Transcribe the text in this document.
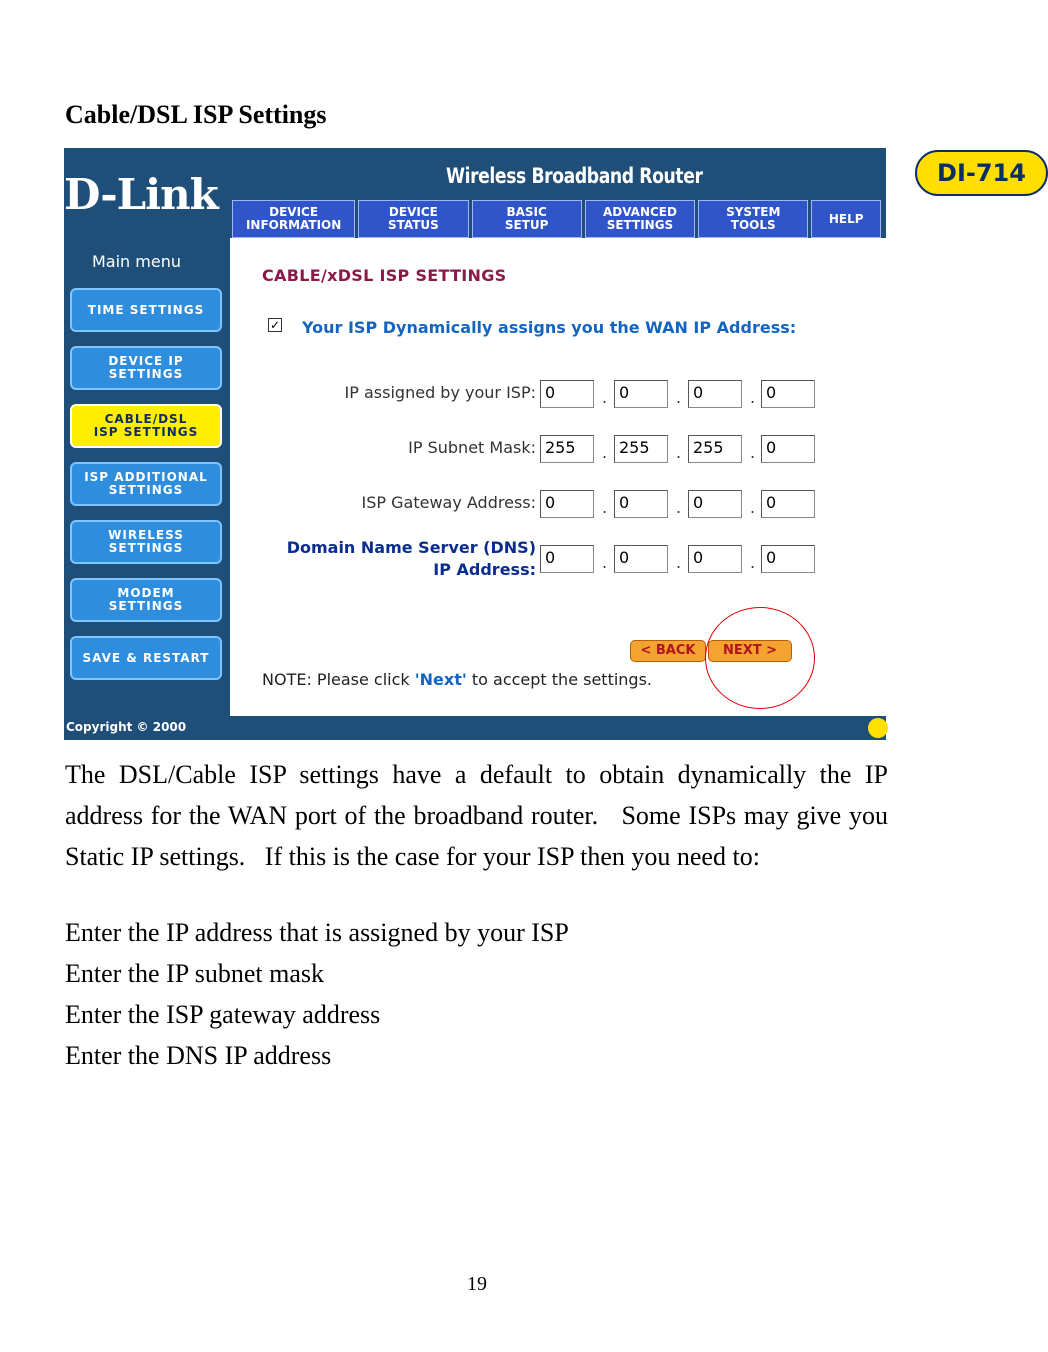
Cable/DSL ISP Settings
D-Link	Wireless Broadband Router	DI-714
DEVICE
INFORMATION
DEVICE
STATUS
BASIC
SETUP
ADVANCED
SETTINGS
SYSTEM
TOOLS	HELP
Main menu
TIME SETTINGS
DEVICE IP
SETTINGS
CABLE/DSL
ISP SETTINGS
ISP ADDITIONAL
SETTINGS
WIRELESS
SETTINGS
MODEM
SETTINGS
SAVE & RESTART
CABLE/xDSL ISP SETTINGS
✓ Your ISP Dynamically assigns you the WAN IP Address:
< BACK	NEXT >
NOTE: Please click 'Next' to accept the settings.
IP assigned by your ISP: 0	. 0	. 0	. 0
IP Subnet Mask: 255	. 255	. 255	. 0
ISP Gateway Address: 0	. 0	. 0	. 0
Domain Name Server (DNS)
IP Address:
0	. 0	. 0	. 0
Copyright © 2000
The DSL/Cable ISP settings have a default to obtain dynamically the IP address for the WAN port of the broadband router.   Some ISPs may give you Static IP settings.   If this is the case for your ISP then you need to:
Enter the IP address that is assigned by your ISP
Enter the IP subnet mask
Enter the ISP gateway address
Enter the DNS IP address
19
